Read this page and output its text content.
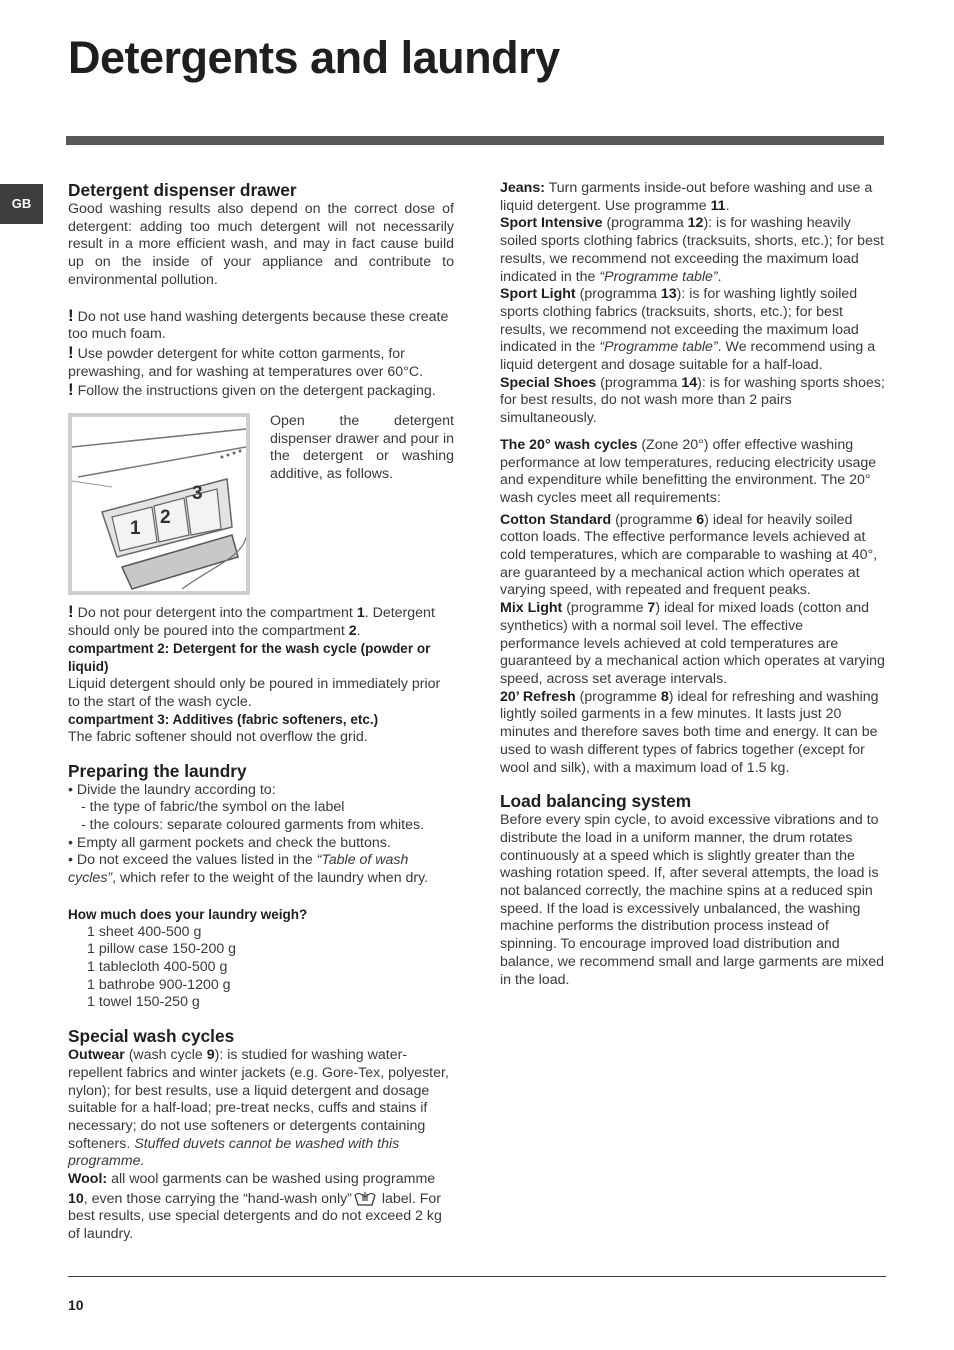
Detergents and laundry
GB
Detergent dispenser drawer

Good washing results also depend on the correct dose of detergent: adding too much detergent will not necessarily result in a more efficient wash, and may in fact cause build up on the inside of your appliance and contribute to environmental pollution.

! Do not use hand washing detergents because these create too much foam.

! Use powder detergent for white cotton garments, for prewashing, and for washing at temperatures over 60°C.

! Follow the instructions given on the detergent packaging.

1
2
3

Open the detergent dispenser drawer and pour in the detergent or washing additive, as follows.

! Do not pour detergent into the compartment 1. Detergent should only be poured into the compartment 2.

compartment 2: Detergent for the wash cycle (powder or liquid)

Liquid detergent should only be poured in immediately prior to the start of the wash cycle.

compartment 3: Additives (fabric softeners, etc.)

The fabric softener should not overflow the grid.

Preparing the laundry
• Divide the laundry according to:
- the type of fabric/the symbol on the label
- the colours: separate coloured garments from whites.
• Empty all garment pockets and check the buttons.
• Do not exceed the values listed in the “Table of wash cycles”, which refer to the weight of the laundry when dry.

How much does your laundry weigh?

1 sheet 400-500 g
1 pillow case 150-200 g
1 tablecloth 400-500 g
1 bathrobe 900-1200 g
1 towel 150-250 g
Special wash cycles

Outwear (wash cycle 9): is studied for washing water-repellent fabrics and winter jackets (e.g. Gore-Tex, polyester, nylon); for best results, use a liquid detergent and dosage suitable for a half-load; pre-treat necks, cuffs and stains if necessary; do not use softeners or detergents containing softeners. Stuffed duvets cannot be washed with this programme.

Wool: all wool garments can be washed using programme 10, even those carrying the “hand-wash only” label. For best results, use special detergents and do not exceed 2 kg of laundry.

Jeans: Turn garments inside-out before washing and use a liquid detergent. Use programme 11.

Sport Intensive (programma 12): is for washing heavily soiled sports clothing fabrics (tracksuits, shorts, etc.); for best results, we recommend not exceeding the maximum load indicated in the “Programme table”.

Sport Light (programma 13): is for washing lightly soiled sports clothing fabrics (tracksuits, shorts, etc.); for best results, we recommend not exceeding the maximum load indicated in the “Programme table”. We recommend using a liquid detergent and dosage suitable for a half-load.

Special Shoes (programma 14): is for washing sports shoes; for best results, do not wash more than 2 pairs simultaneously.

The 20° wash cycles (Zone 20°) offer effective washing performance at low temperatures, reducing electricity usage and expenditure while benefitting the environment. The 20° wash cycles meet all requirements:

Cotton Standard (programme 6) ideal for heavily soiled cotton loads. The effective performance levels achieved at cold temperatures, which are comparable to washing at 40°, are guaranteed by a mechanical action which operates at varying speed, with repeated and frequent peaks.

Mix Light (programme 7) ideal for mixed loads (cotton and synthetics) with a normal soil level. The effective performance levels achieved at cold temperatures are guaranteed by a mechanical action which operates at varying speed, across set average intervals.

20’ Refresh (programme 8) ideal for refreshing and washing lightly soiled garments in a few minutes. It lasts just 20 minutes and therefore saves both time and energy. It can be used to wash different types of fabrics together (except for wool and silk), with a maximum load of 1.5 kg.

Load balancing system

Before every spin cycle, to avoid excessive vibrations and to distribute the load in a uniform manner, the drum rotates continuously at a speed which is slightly greater than the washing rotation speed. If, after several attempts, the load is not balanced correctly, the machine spins at a reduced spin speed. If the load is excessively unbalanced, the washing machine performs the distribution process instead of spinning. To encourage improved load distribution and balance, we recommend small and large garments are mixed in the load.

10
